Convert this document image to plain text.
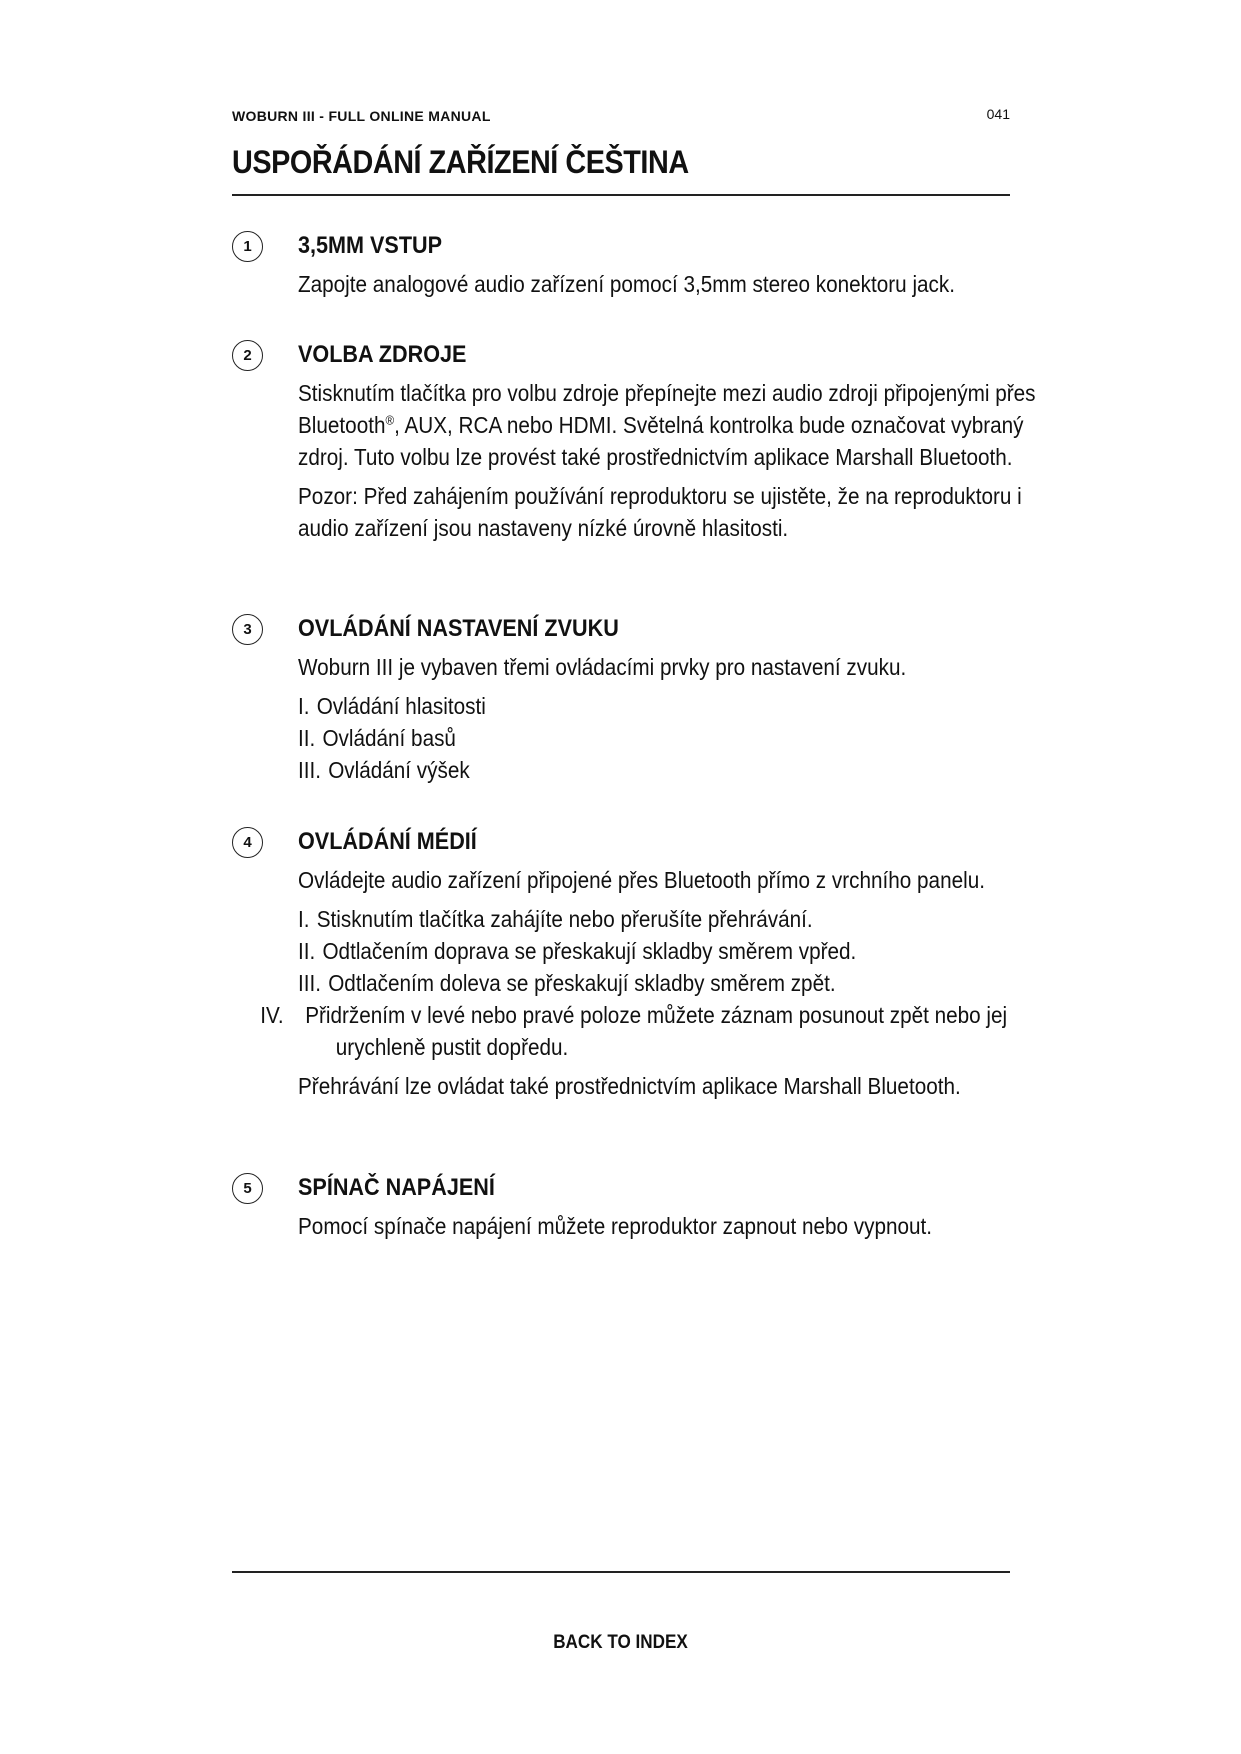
WOBURN III - FULL ONLINE MANUAL	041
USPOŘÁDÁNÍ ZAŘÍZENÍ ČEŠTINA
1	3,5MM VSTUP
Zapojte analogové audio zařízení pomocí 3,5mm stereo konektoru jack.
2	VOLBA ZDROJE
Stisknutím tlačítka pro volbu zdroje přepínejte mezi audio zdroji připojenými přes Bluetooth®, AUX, RCA nebo HDMI. Světelná kontrolka bude označovat vybraný zdroj. Tuto volbu lze provést také prostřednictvím aplikace Marshall Bluetooth.
Pozor: Před zahájením používání reproduktoru se ujistěte, že na reproduktoru i audio zařízení jsou nastaveny nízké úrovně hlasitosti.
3	OVLÁDÁNÍ NASTAVENÍ ZVUKU
Woburn III je vybaven třemi ovládacími prvky pro nastavení zvuku.
I. Ovládání hlasitosti
II. Ovládání basů
III. Ovládání výšek
4	OVLÁDÁNÍ MÉDIÍ
Ovládejte audio zařízení připojené přes Bluetooth přímo z vrchního panelu.
I. Stisknutím tlačítka zahájíte nebo přerušíte přehrávání.
II. Odtlačením doprava se přeskakují skladby směrem vpřed.
III. Odtlačením doleva se přeskakují skladby směrem zpět.
IV. Přidržením v levé nebo pravé poloze můžete záznam posunout zpět nebo jej urychleně pustit dopředu.
Přehrávání lze ovládat také prostřednictvím aplikace Marshall Bluetooth.
5	SPÍNAČ NAPÁJENÍ
Pomocí spínače napájení můžete reproduktor zapnout nebo vypnout.
BACK TO INDEX
